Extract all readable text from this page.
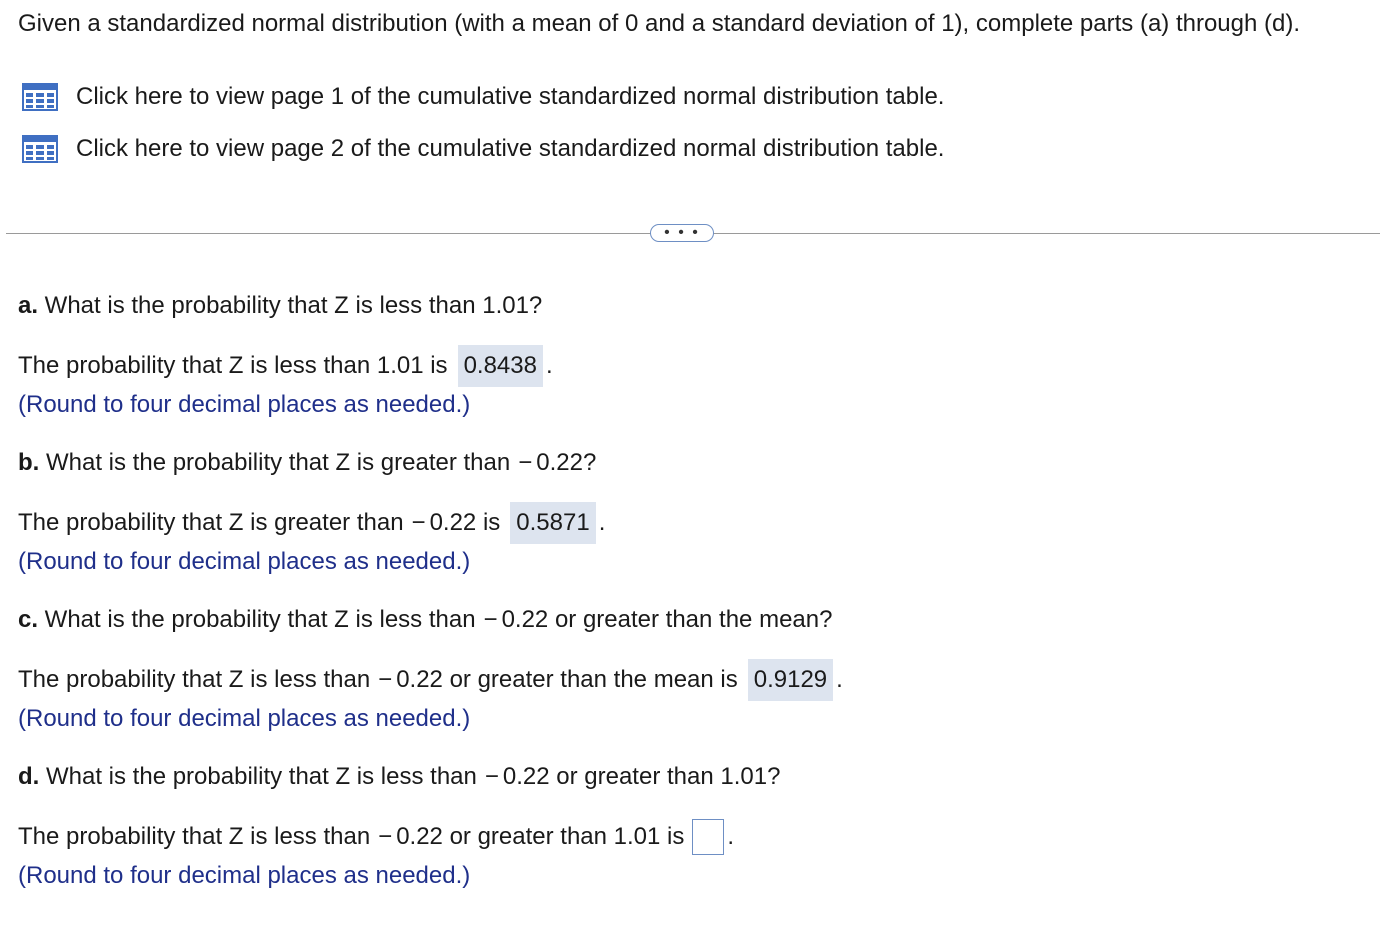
Given a standardized normal distribution (with a mean of 0 and a standard deviation of 1), complete parts (a) through (d).

Click here to view page 1 of the cumulative standardized normal distribution table.
Click here to view page 2 of the cumulative standardized normal distribution table.
• • •
a. What is the probability that Z is less than 1.01?
The probability that Z is less than 1.01 is 0.8438 .
(Round to four decimal places as needed.)
b. What is the probability that Z is greater than − 0.22?
The probability that Z is greater than − 0.22 is 0.5871 .
(Round to four decimal places as needed.)
c. What is the probability that Z is less than − 0.22 or greater than the mean?
The probability that Z is less than − 0.22 or greater than the mean is 0.9129 .
(Round to four decimal places as needed.)
d. What is the probability that Z is less than − 0.22 or greater than 1.01?
The probability that Z is less than − 0.22 or greater than 1.01 is .
(Round to four decimal places as needed.)
